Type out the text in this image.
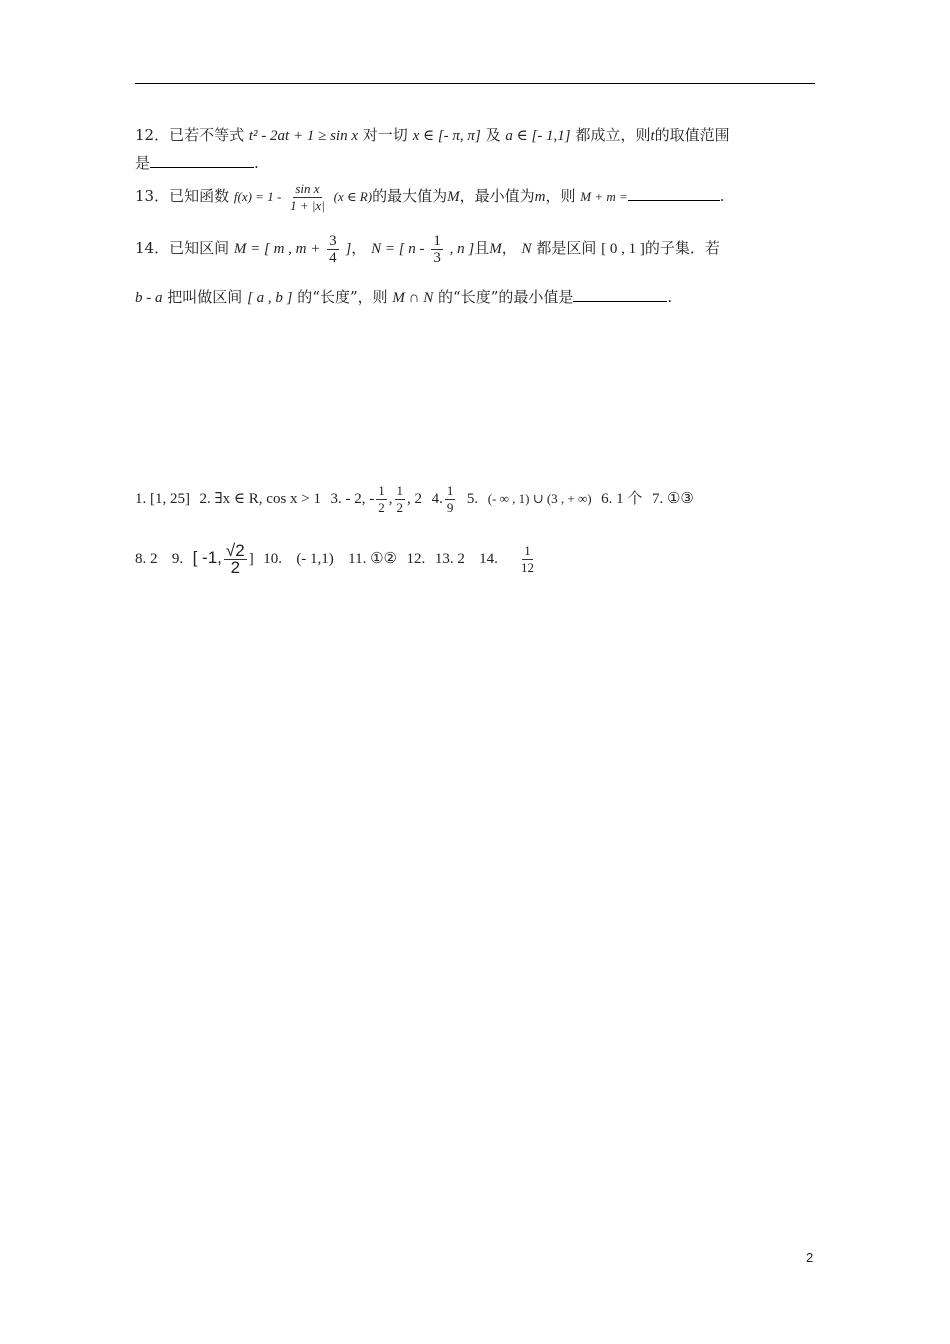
12．已若不等式 t² - 2at + 1 ≥ sin x 对一切 x ∈ [- π, π] 及 a ∈ [- 1,1] 都成立，则t的取值范围
是	.
13．已知函数 $f(x) = 1 - \frac{\text{sin x}}{1 + |x|} (x$ ∈ R)的最大值为M，最小值为m，则 M + m =	.
14．已知区间 M = [ m , $m + \frac{3}{4}$ ]， N = [ n - $\frac{1}{3}$ , n ]且M， N 都是区间 [ 0 , 1 ]的子集．若
b - a 把叫做区间 [ a , b ] 的“长度”，则 M ∩ N 的“长度”的最小值是	.
1. [1, 25] 2. ∃x ∈ R, cos x > 1 3. - 2, - $\frac{1}{2}$ , $\frac{1}{2}$ , 2 4. $\frac{1}{9} 5$. (- ∞ , 1) ∪ (3 , + ∞) 6. 1 个 7. ①③
8. 2 9. [ -1, $\frac{√2}{2}$ ] 10. (- 1,1) 11. ①② 12. 13. 2 14. $\frac{1}{12}$
2
